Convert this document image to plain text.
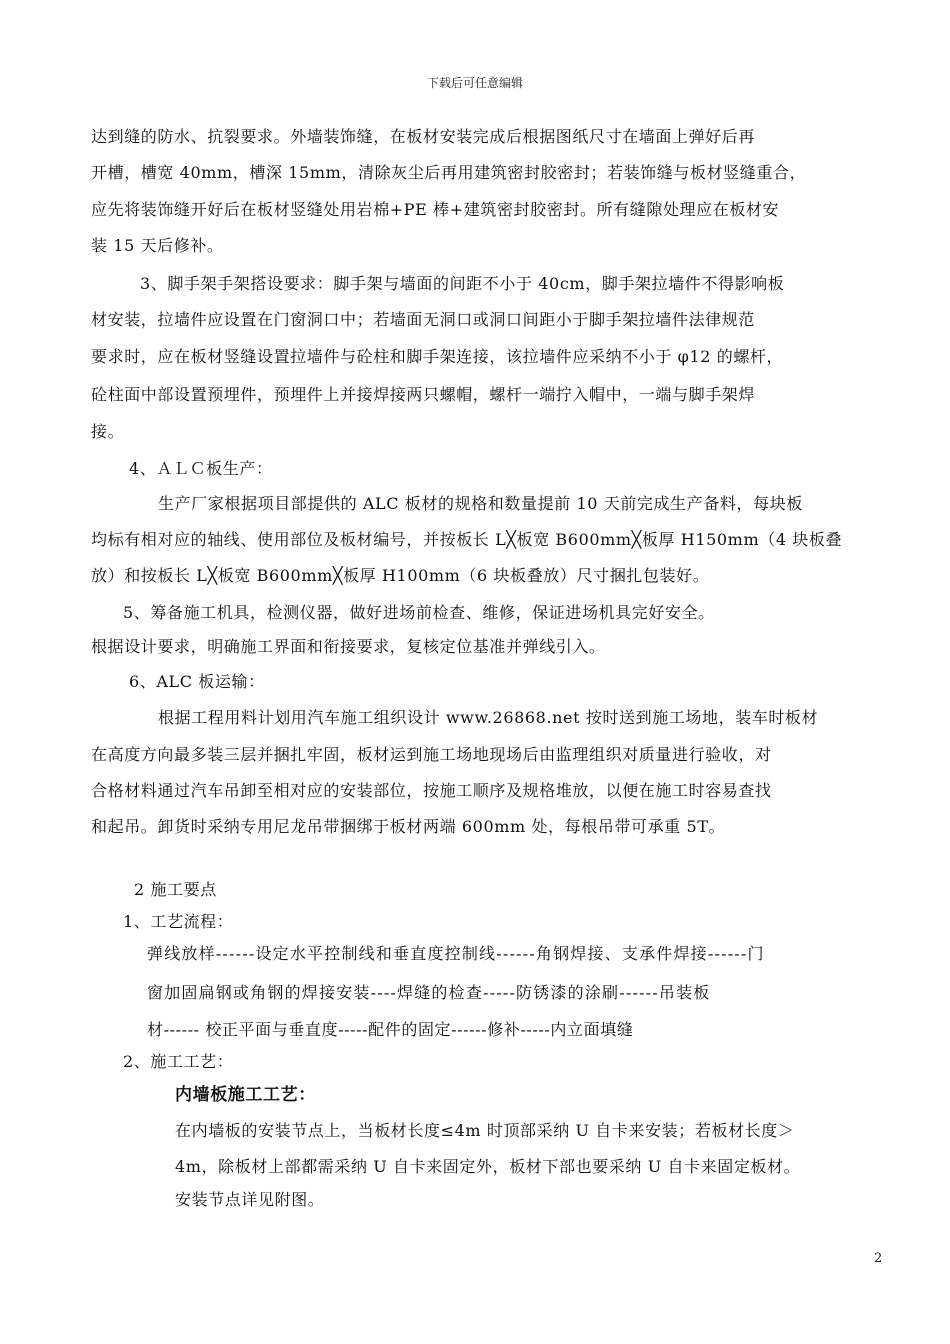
下载后可任意编辑
达到缝的防水、抗裂要求。外墙装饰缝，在板材安装完成后根据图纸尺寸在墙面上弹好后再
开槽，槽宽 40mm，槽深 15mm，清除灰尘后再用建筑密封胶密封；若装饰缝与板材竖缝重合，
应先将装饰缝开好后在板材竖缝处用岩棉+PE 棒+建筑密封胶密封。所有缝隙处理应在板材安
装 15 天后修补。
3、脚手架手架搭设要求：脚手架与墙面的间距不小于 40cm，脚手架拉墙件不得影响板
材安装，拉墙件应设置在门窗洞口中；若墙面无洞口或洞口间距小于脚手架拉墙件法律规范
要求时，应在板材竖缝设置拉墙件与砼柱和脚手架连接，该拉墙件应采纳不小于 φ12 的螺杆，
砼柱面中部设置预埋件，预埋件上并接焊接两只螺帽，螺杆一端拧入帽中，一端与脚手架焊
接。
4、ＡＬＣ板生产：
生产厂家根据项目部提供的 ALC 板材的规格和数量提前 10 天前完成生产备料，每块板
均标有相对应的轴线、使用部位及板材编号，并按板长 L╳板宽 B600mm╳板厚 H150mm（4 块板叠
放）和按板长 L╳板宽 B600mm╳板厚 H100mm（6 块板叠放）尺寸捆扎包装好。
5、筹备施工机具，检测仪器，做好进场前检查、维修，保证进场机具完好安全。
根据设计要求，明确施工界面和衔接要求，复核定位基准并弹线引入。
6、ALC 板运输：
根据工程用料计划用汽车施工组织设计 www.26868.net 按时送到施工场地，装车时板材
在高度方向最多装三层并捆扎牢固，板材运到施工场地现场后由监理组织对质量进行验收，对
合格材料通过汽车吊卸至相对应的安装部位，按施工顺序及规格堆放，以便在施工时容易查找
和起吊。卸货时采纳专用尼龙吊带捆绑于板材两端 600mm 处，每根吊带可承重 5T。
2 施工要点
1、工艺流程：
弹线放样------设定水平控制线和垂直度控制线------角钢焊接、支承件焊接------门
窗加固扁钢或角钢的焊接安装----焊缝的检查-----防锈漆的涂刷------吊装板
材------ 校正平面与垂直度-----配件的固定------修补-----内立面填缝
2、施工工艺：
内墙板施工工艺：
在内墙板的安装节点上，当板材长度≤4m 时顶部采纳 U 自卡来安装；若板材长度＞
4m，除板材上部都需采纳 U 自卡来固定外，板材下部也要采纳 U 自卡来固定板材。
安装节点详见附图。
2
